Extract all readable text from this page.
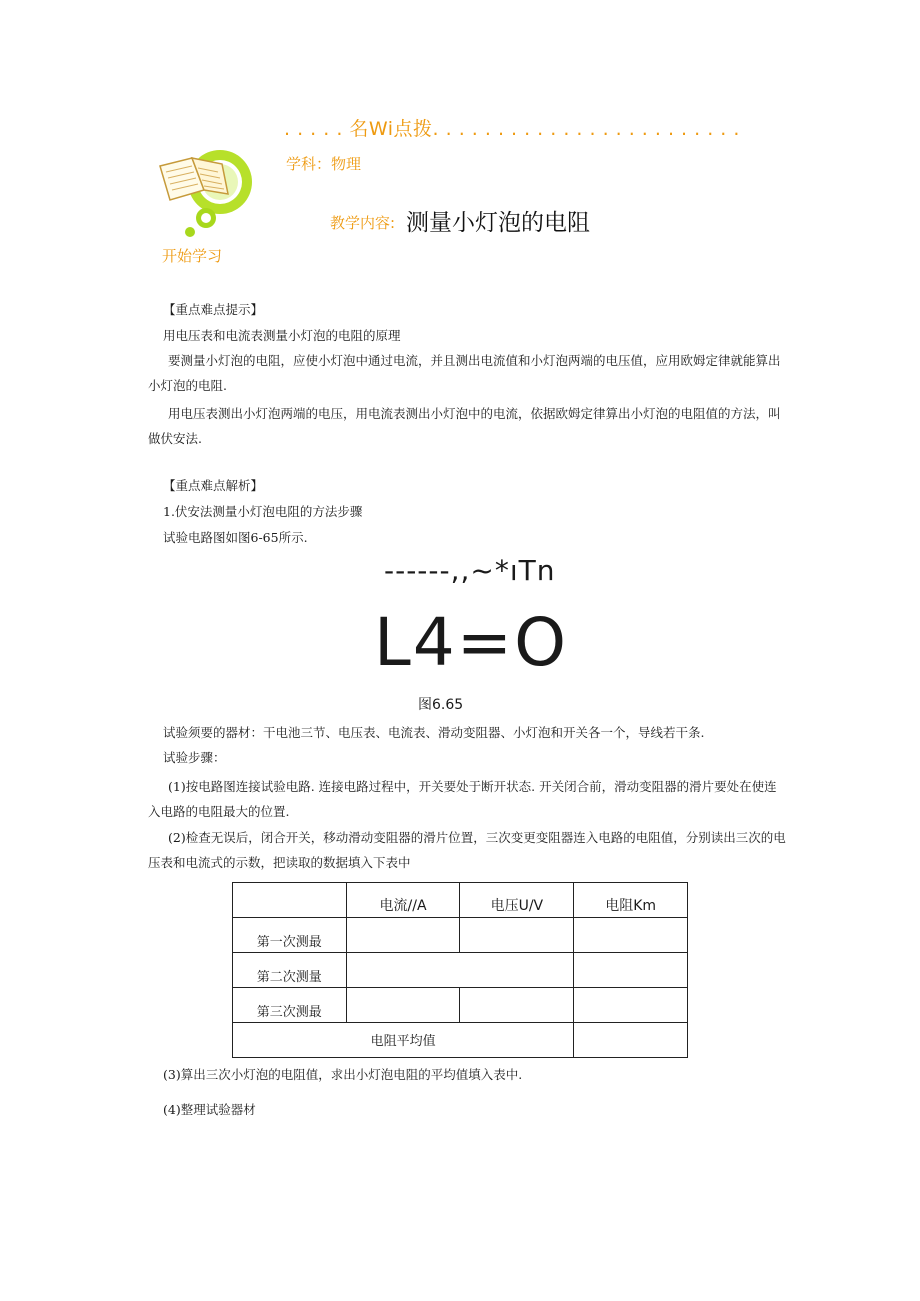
. . . . . 名Wi点拨. . . . . . . . . . . . . . . . . . . . . . . .
学科：物理
教学内容: 测量小灯泡的电阻
开始学习
【重点难点提示】
用电压表和电流表测量小灯泡的电阻的原理
要测量小灯泡的电阻，应使小灯泡中通过电流，并且测出电流值和小灯泡两端的电压值，应用欧姆定律就能算出小灯泡的电阻.
用电压表测出小灯泡两端的电压，用电流表测出小灯泡中的电流，依据欧姆定律算出小灯泡的电阻值的方法，叫做伏安法.
【重点难点解析】
1.伏安法测量小灯泡电阻的方法步骤
试验电路图如图6-65所示.
------,,~*ıTn
L4=O
图6.65
试验须要的器材：干电池三节、电压表、电流表、滑动变阻器、小灯泡和开关各一个，导线若干条.
试验步骤：
(1)按电路图连接试验电路. 连接电路过程中，开关要处于断开状态. 开关闭合前，滑动变阻器的滑片要处在使连入电路的电阻最大的位置.
(2)检查无误后，闭合开关，移动滑动变阻器的滑片位置，三次变更变阻器连入电路的电阻值，分别读出三次的电压表和电流式的示数，把读取的数据填入下表中
	电流//A	电压U/V	电阻Km
第一次测最			
第二次测量			
第三次测最			
电阻平均值			
(3)算出三次小灯泡的电阻值，求出小灯泡电阻的平均值填入表中.
(4)整理试验器材
